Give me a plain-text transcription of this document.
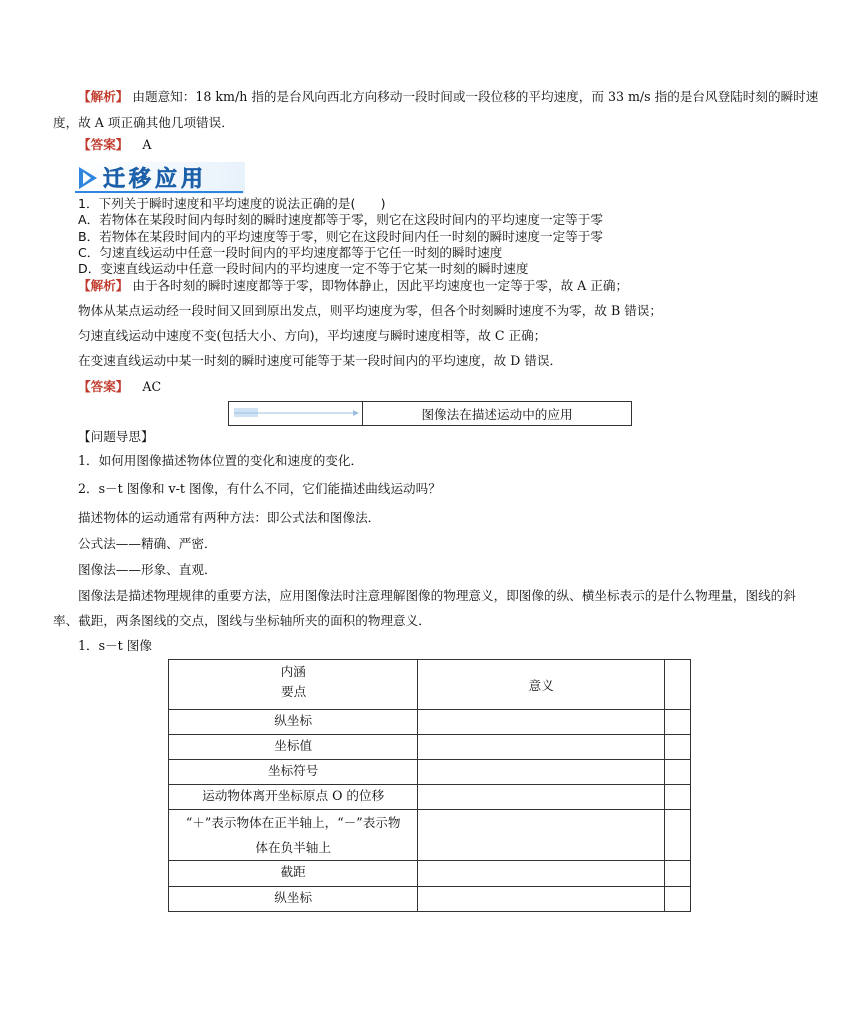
【解析】 由题意知：18 km/h 指的是台风向西北方向移动一段时间或一段位移的平均速度，而 33 m/s 指的是台风登陆时刻的瞬时速
度，故 A 项正确其他几项错误．
【答案】 A
迁移应用
1．下列关于瞬时速度和平均速度的说法正确的是(　　)
A．若物体在某段时间内每时刻的瞬时速度都等于零，则它在这段时间内的平均速度一定等于零
B．若物体在某段时间内的平均速度等于零，则它在这段时间内任一时刻的瞬时速度一定等于零
C．匀速直线运动中任意一段时间内的平均速度都等于它任一时刻的瞬时速度
D．变速直线运动中任意一段时间内的平均速度一定不等于它某一时刻的瞬时速度
【解析】 由于各时刻的瞬时速度都等于零，即物体静止，因此平均速度也一定等于零，故 A 正确；
物体从某点运动经一段时间又回到原出发点，则平均速度为零，但各个时刻瞬时速度不为零，故 B 错误；
匀速直线运动中速度不变(包括大小、方向)，平均速度与瞬时速度相等，故 C 正确；
在变速直线运动中某一时刻的瞬时速度可能等于某一段时间内的平均速度，故 D 错误．
【答案】 AC
图像法在描述运动中的应用
【问题导思】
1．如何用图像描述物体位置的变化和速度的变化．
2．s－t 图像和 v-t 图像，有什么不同，它们能描述曲线运动吗？
描述物体的运动通常有两种方法：即公式法和图像法．
公式法——精确、严密．
图像法——形象、直观．
图像法是描述物理规律的重要方法，应用图像法时注意理解图像的物理意义，即图像的纵、横坐标表示的是什么物理量，图线的斜
率、截距，两条图线的交点，图线与坐标轴所夹的面积的物理意义．
1．s－t 图像
内涵
要点	意义	
纵坐标		
坐标值		
坐标符号		
运动物体离开坐标原点 O 的位移		

“＋”表示物体在正半轴上，“－”表示物
体在负半轴上		

截距		
纵坐标		
